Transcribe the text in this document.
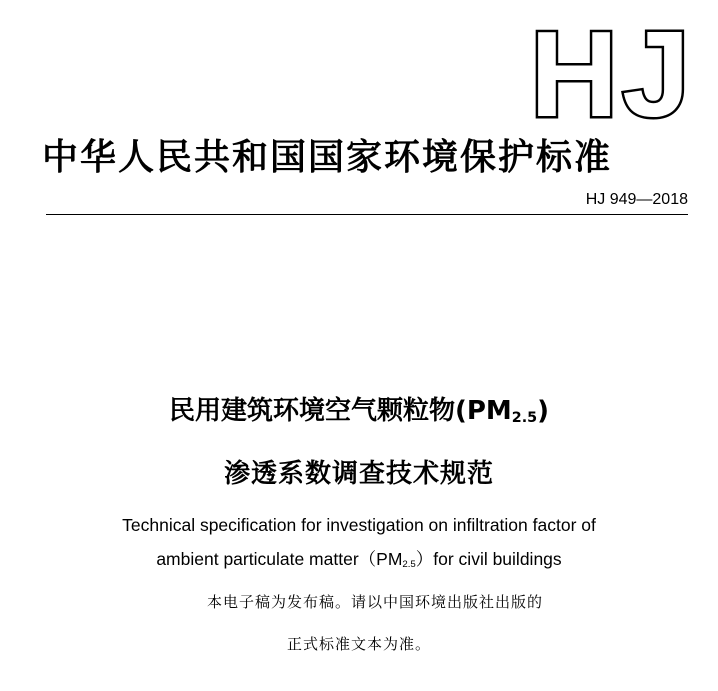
HJ
中华人民共和国国家环境保护标准
HJ 949—2018
民用建筑环境空气颗粒物$(PM_{2.5})$
渗透系数调查技术规范
Technical specification for investigation on infiltration factor of
ambient particulate $matter(PM_{2.5})for$ civil buildings
本电子稿为发布稿。请以中国环境出版社出版的
正式标准文本为准。
